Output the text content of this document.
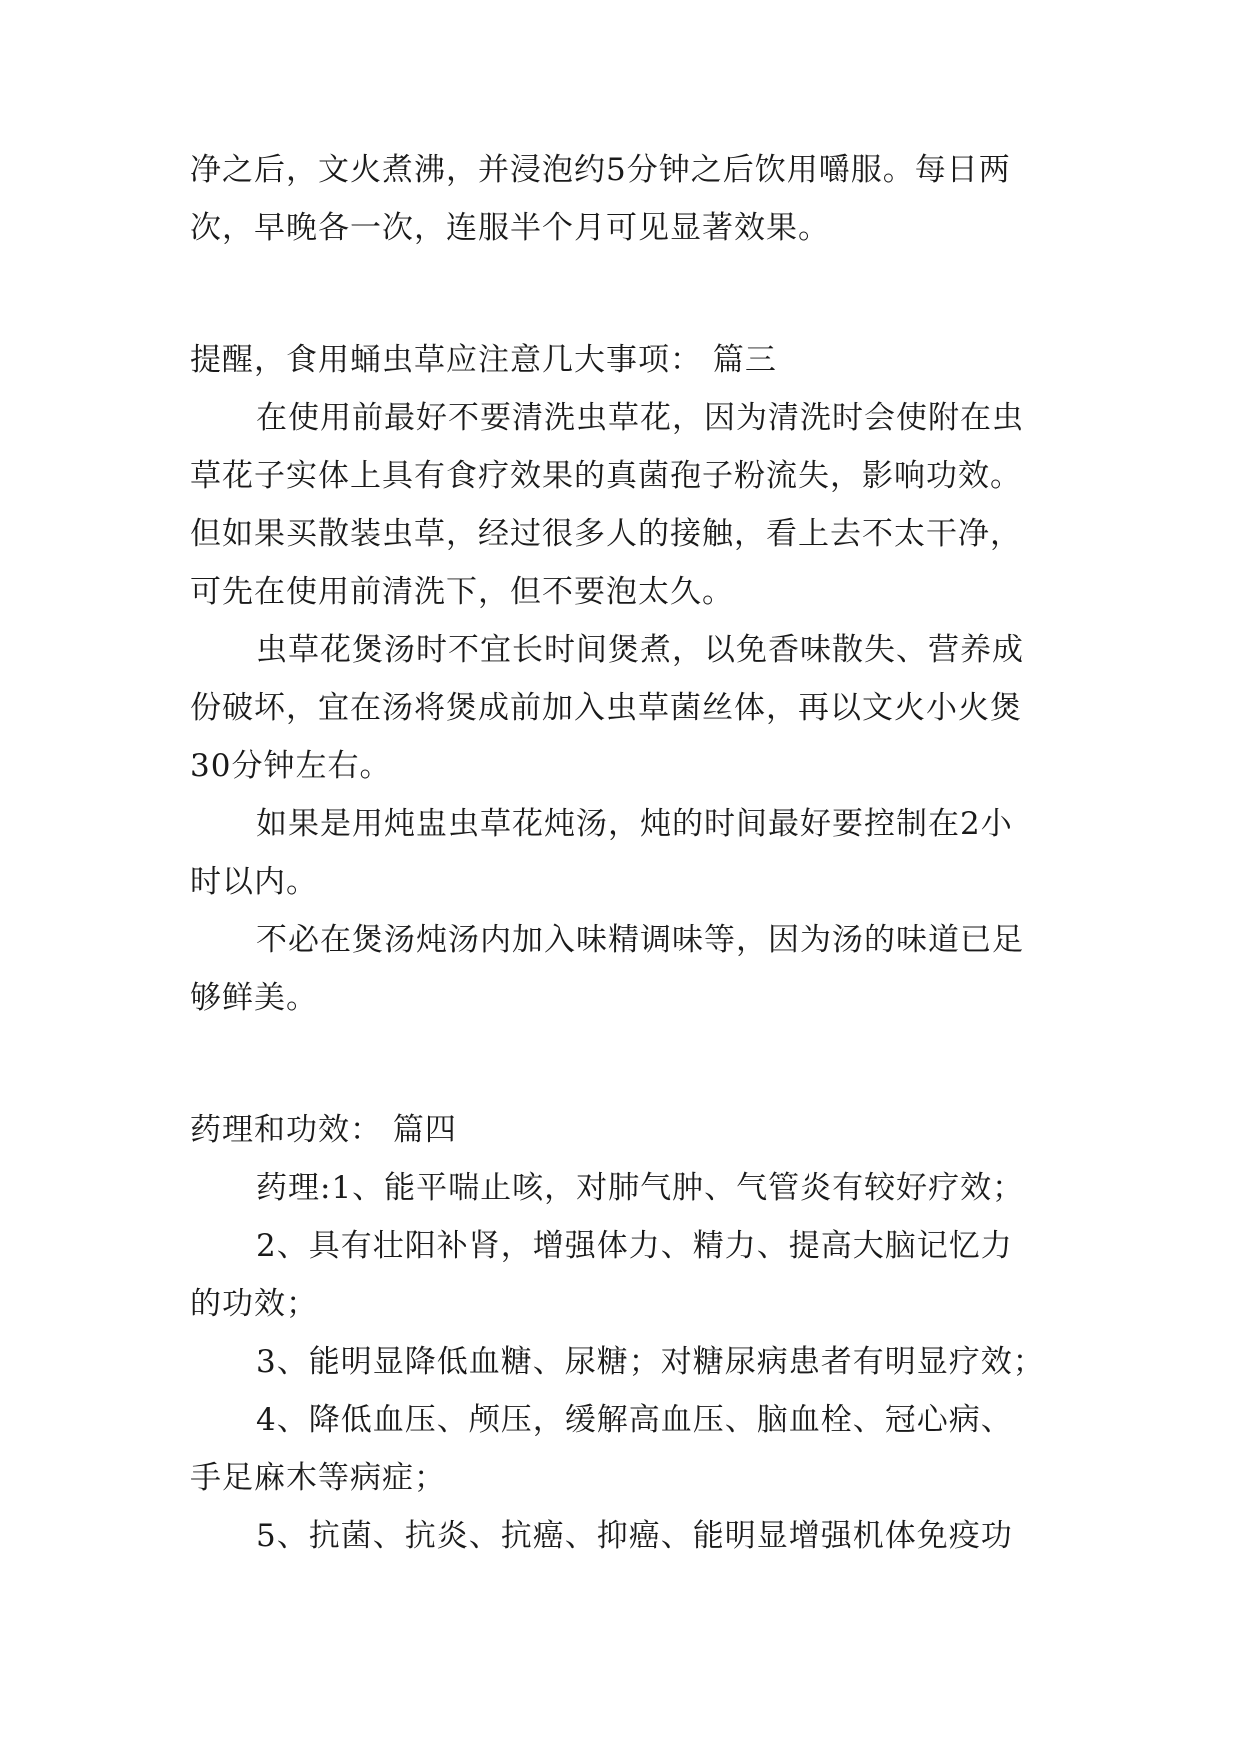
净之后，文火煮沸，并浸泡约5分钟之后饮用嚼服。每日两
次，早晚各一次，连服半个月可见显著效果。
提醒，食用蛹虫草应注意几大事项： 篇三
在使用前最好不要清洗虫草花，因为清洗时会使附在虫
草花子实体上具有食疗效果的真菌孢子粉流失，影响功效。
但如果买散装虫草，经过很多人的接触，看上去不太干净，
可先在使用前清洗下，但不要泡太久。
虫草花煲汤时不宜长时间煲煮，以免香味散失、营养成
份破坏，宜在汤将煲成前加入虫草菌丝体，再以文火小火煲
30分钟左右。
如果是用炖盅虫草花炖汤，炖的时间最好要控制在2小
时以内。
不必在煲汤炖汤内加入味精调味等，因为汤的味道已足
够鲜美。
药理和功效： 篇四
药理:1、能平喘止咳，对肺气肿、气管炎有较好疗效；
2、具有壮阳补肾，增强体力、精力、提高大脑记忆力
的功效；
3、能明显降低血糖、尿糖；对糖尿病患者有明显疗效；
4、降低血压、颅压，缓解高血压、脑血栓、冠心病、
手足麻木等病症；
5、抗菌、抗炎、抗癌、抑癌、能明显增强机体免疫功
